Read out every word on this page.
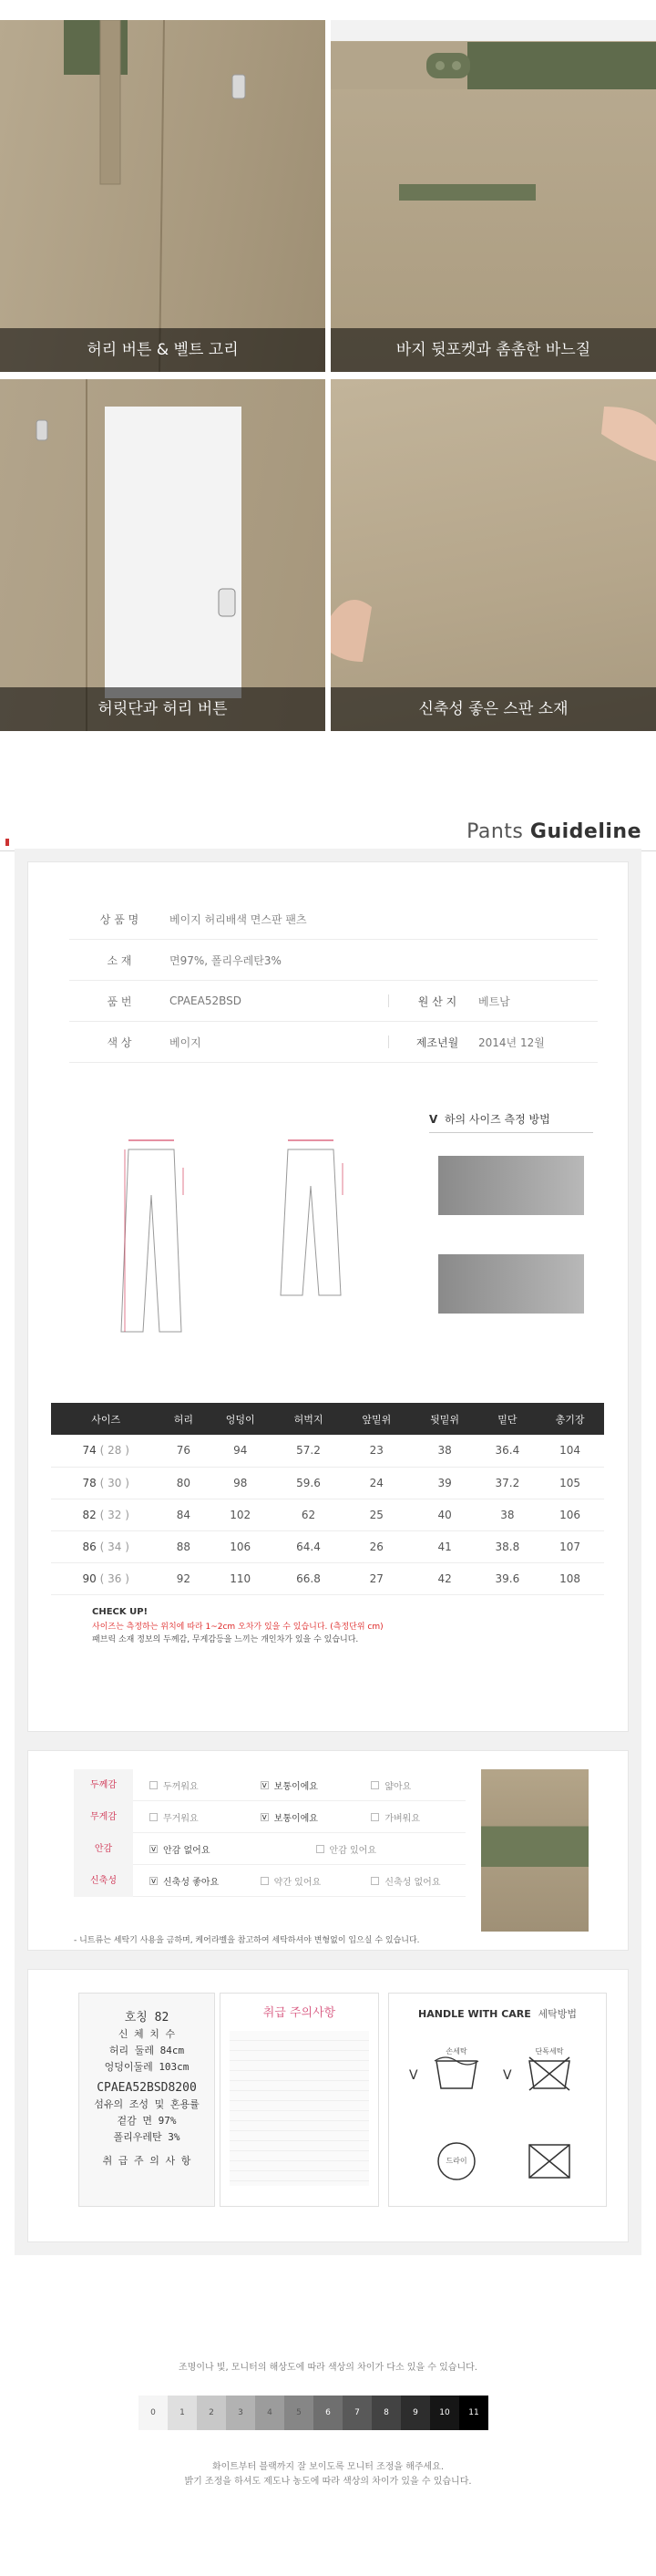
허리 버튼 & 벨트 고리	바지 뒷포켓과 촘촘한 바느질
허릿단과 허리 버튼	신축성 좋은 스판 소재
Pants Guideline
상 품 명	베이지 허리배색 면스판 팬츠
소 재	면97%, 폴리우레탄3%
품 번	CPAEA52BSD	원 산 지	베트남
색 상	베이지	제조년월	2014년 12월
V 하의 사이즈 측정 방법
사이즈	허리	엉덩이	허벅지	앞밑위	뒷밑위	밑단	총기장
74 ( 28 )	76	94	57.2	23	38	36.4	104
78 ( 30 )	80	98	59.6	24	39	37.2	105
82 ( 32 )	84	102	62	25	40	38	106
86 ( 34 )	88	106	64.4	26	41	38.8	107
90 ( 36 )	92	110	66.8	27	42	39.6	108
CHECK UP!
사이즈는 측정하는 위치에 따라 1~2cm 오차가 있을 수 있습니다. (측정단위 cm)
패브릭 소재 정보의 두께감, 무게감등을 느끼는 개인차가 있을 수 있습니다.
두께감	두꺼워요	v 보통이에요	얇아요
무게감	무거워요	v 보통이에요	가벼워요
안감	v 안감 없어요	안감 있어요
신축성	v 신축성 좋아요	약간 있어요	신축성 없어요
- 니트류는 세탁기 사용을 금하며, 케어라벨을 참고하여 세탁하셔야 변형없이 입으실 수 있습니다.
호칭 82
신 체 치 수
허리 둘레 84cm
엉덩이둘레 103cm
CPAEA52BSD8200
섬유의 조성 및 혼용률
겉감 면 97%
폴리우레탄 3%
취 급 주 의 사 항
취급 주의사항	HANDLE WITH CARE 세탁방법
V
손세탁
V
단독세탁
드라이
조명이나 빛, 모니터의 해상도에 따라 색상의 차이가 다소 있을 수 있습니다.
0	1	2	3	4	5	6	7	8	9	10	11
화이트부터 블랙까지 잘 보이도록 모니터 조정을 해주세요.
밝기 조정을 하셔도 제도나 농도에 따라 색상의 차이가 있을 수 있습니다.
